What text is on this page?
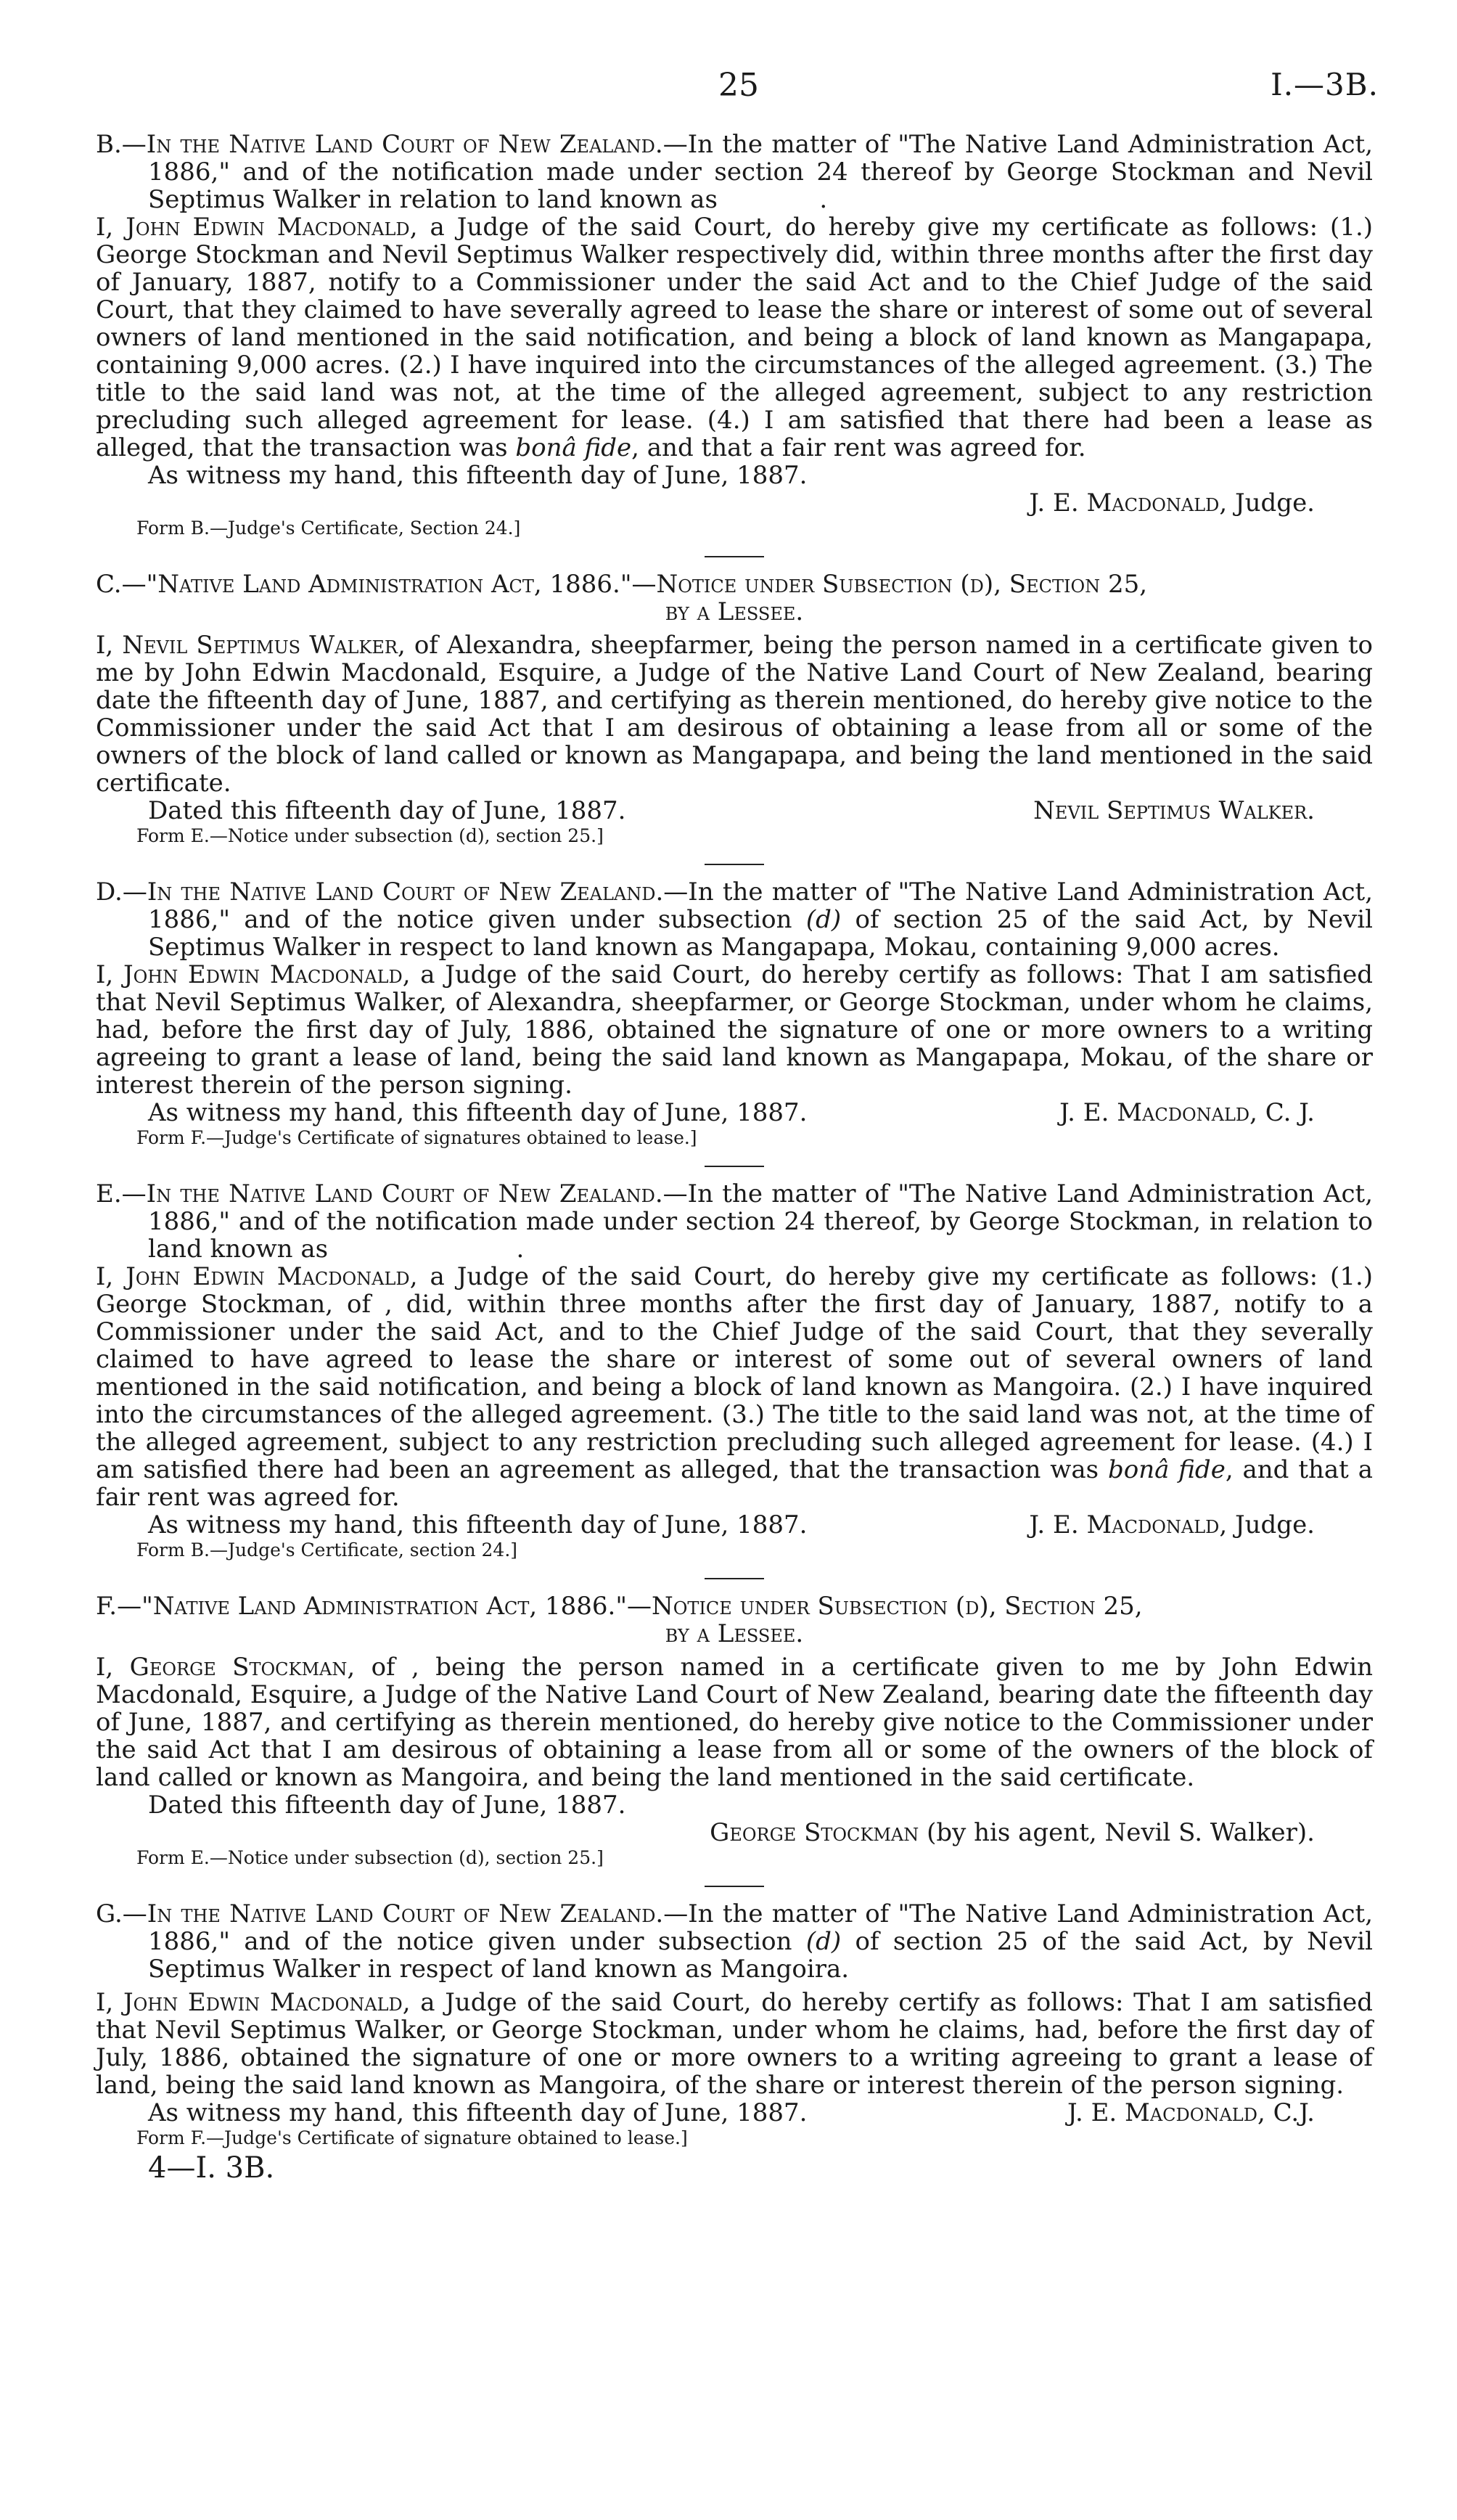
25	I.—3B.

B.—In the Native Land Court of New Zealand.—In the matter of "The Native Land Administration Act, 1886," and of the notification made under section 24 thereof by George Stockman and Nevil Septimus Walker in relation to land known as             .

I, John Edwin Macdonald, a Judge of the said Court, do hereby give my certificate as follows: (1.) George Stockman and Nevil Septimus Walker respectively did, within three months after the first day of January, 1887, notify to a Commissioner under the said Act and to the Chief Judge of the said Court, that they claimed to have severally agreed to lease the share or interest of some out of several owners of land mentioned in the said notification, and being a block of land known as Mangapapa, containing 9,000 acres. (2.) I have inquired into the circumstances of the alleged agreement. (3.) The title to the said land was not, at the time of the alleged agreement, subject to any restriction precluding such alleged agreement for lease. (4.) I am satisfied that there had been a lease as alleged, that the transaction was bonâ fide, and that a fair rent was agreed for.

As witness my hand, this fifteenth day of June, 1887.

J. E. Macdonald, Judge.

Form B.—Judge's Certificate, Section 24.]

C.—"Native Land Administration Act, 1886."—Notice under Subsection (d), Section 25,

by a Lessee.

I, Nevil Septimus Walker, of Alexandra, sheepfarmer, being the person named in a certificate given to me by John Edwin Macdonald, Esquire, a Judge of the Native Land Court of New Zealand, bearing date the fifteenth day of June, 1887, and certifying as therein mentioned, do hereby give notice to the Commissioner under the said Act that I am desirous of obtaining a lease from all or some of the owners of the block of land called or known as Mangapapa, and being the land mentioned in the said certificate.

Dated this fifteenth day of June, 1887.	Nevil Septimus Walker.

Form E.—Notice under subsection (d), section 25.]

D.—In the Native Land Court of New Zealand.—In the matter of "The Native Land Administration Act, 1886," and of the notice given under subsection (d) of section 25 of the said Act, by Nevil Septimus Walker in respect to land known as Mangapapa, Mokau, containing 9,000 acres.

I, John Edwin Macdonald, a Judge of the said Court, do hereby certify as follows: That I am satisfied that Nevil Septimus Walker, of Alexandra, sheepfarmer, or George Stockman, under whom he claims, had, before the first day of July, 1886, obtained the signature of one or more owners to a writing agreeing to grant a lease of land, being the said land known as Mangapapa, Mokau, of the share or interest therein of the person signing.

As witness my hand, this fifteenth day of June, 1887.	J. E. Macdonald, C. J.

Form F.—Judge's Certificate of signatures obtained to lease.]

E.—In the Native Land Court of New Zealand.—In the matter of "The Native Land Administration Act, 1886," and of the notification made under section 24 thereof, by George Stockman, in relation to land known as                        .

I, John Edwin Macdonald, a Judge of the said Court, do hereby give my certificate as follows: (1.) George Stockman, of , did, within three months after the first day of January, 1887, notify to a Commissioner under the said Act, and to the Chief Judge of the said Court, that they severally claimed to have agreed to lease the share or interest of some out of several owners of land mentioned in the said notification, and being a block of land known as Mangoira. (2.) I have inquired into the circumstances of the alleged agreement. (3.) The title to the said land was not, at the time of the alleged agreement, subject to any restriction precluding such alleged agreement for lease. (4.) I am satisfied there had been an agreement as alleged, that the transaction was bonâ fide, and that a fair rent was agreed for.

As witness my hand, this fifteenth day of June, 1887.	J. E. Macdonald, Judge.

Form B.—Judge's Certificate, section 24.]

F.—"Native Land Administration Act, 1886."—Notice under Subsection (d), Section 25,

by a Lessee.

I, George Stockman, of , being the person named in a certificate given to me by John Edwin Macdonald, Esquire, a Judge of the Native Land Court of New Zealand, bearing date the fifteenth day of June, 1887, and certifying as therein mentioned, do hereby give notice to the Commissioner under the said Act that I am desirous of obtaining a lease from all or some of the owners of the block of land called or known as Mangoira, and being the land mentioned in the said certificate.

Dated this fifteenth day of June, 1887.

George Stockman (by his agent, Nevil S. Walker).

Form E.—Notice under subsection (d), section 25.]

G.—In the Native Land Court of New Zealand.—In the matter of "The Native Land Administration Act, 1886," and of the notice given under subsection (d) of section 25 of the said Act, by Nevil Septimus Walker in respect of land known as Mangoira.

I, John Edwin Macdonald, a Judge of the said Court, do hereby certify as follows: That I am satisfied that Nevil Septimus Walker, or George Stockman, under whom he claims, had, before the first day of July, 1886, obtained the signature of one or more owners to a writing agreeing to grant a lease of land, being the said land known as Mangoira, of the share or interest therein of the person signing.

As witness my hand, this fifteenth day of June, 1887.	J. E. Macdonald, C.J.

Form F.—Judge's Certificate of signature obtained to lease.]

4—I. 3B.
